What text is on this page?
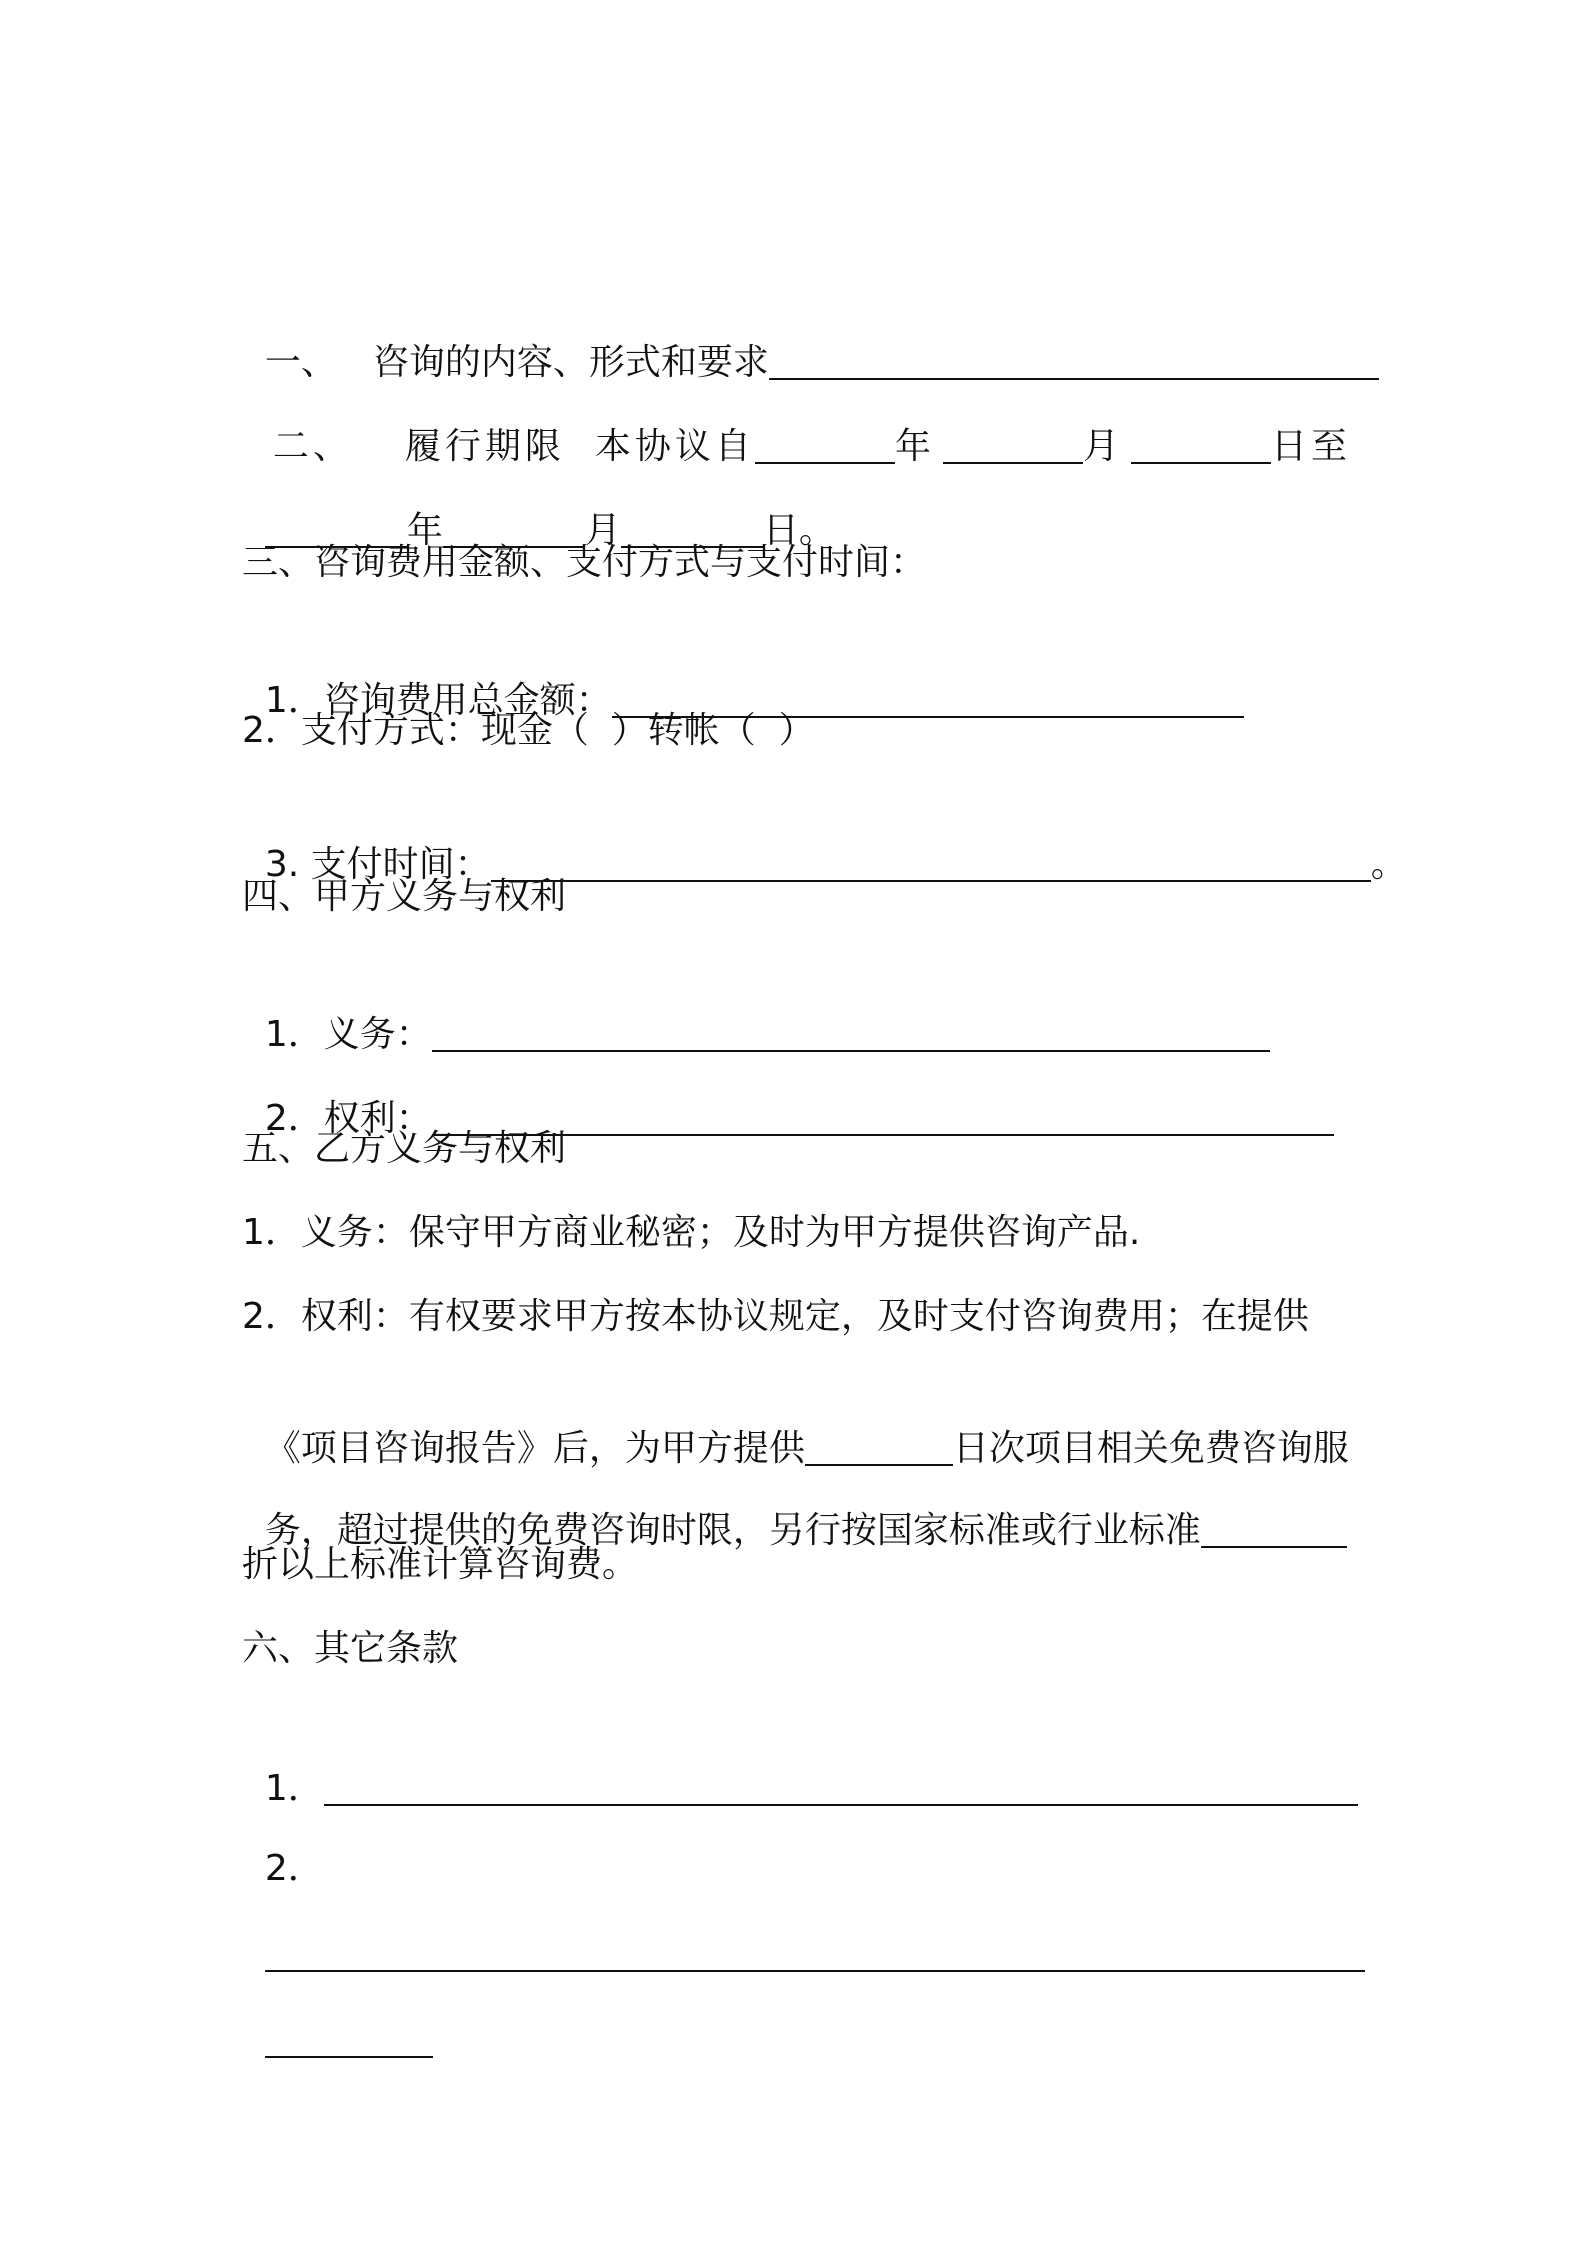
一、 咨询的内容、形式和要求

二、 履行期限 本协议自	年	月	日至

年	月	日。

三、咨询费用金额、支付方式与支付时间：

1．咨询费用总金额：

2．支付方式：现金（  ）转帐（  ）

3. 支付时间：	。

四、甲方义务与权利

1．义务：

2．权利：

五、乙方义务与权利

1．义务：保守甲方商业秘密；及时为甲方提供咨询产品.

2．权利：有权要求甲方按本协议规定，及时支付咨询费用；在提供

《项目咨询报告》后，为甲方提供	日次项目相关免费咨询服

务，超过提供的免费咨询时限，另行按国家标准或行业标准

折以上标准计算咨询费。

六、其它条款

1．

2．
